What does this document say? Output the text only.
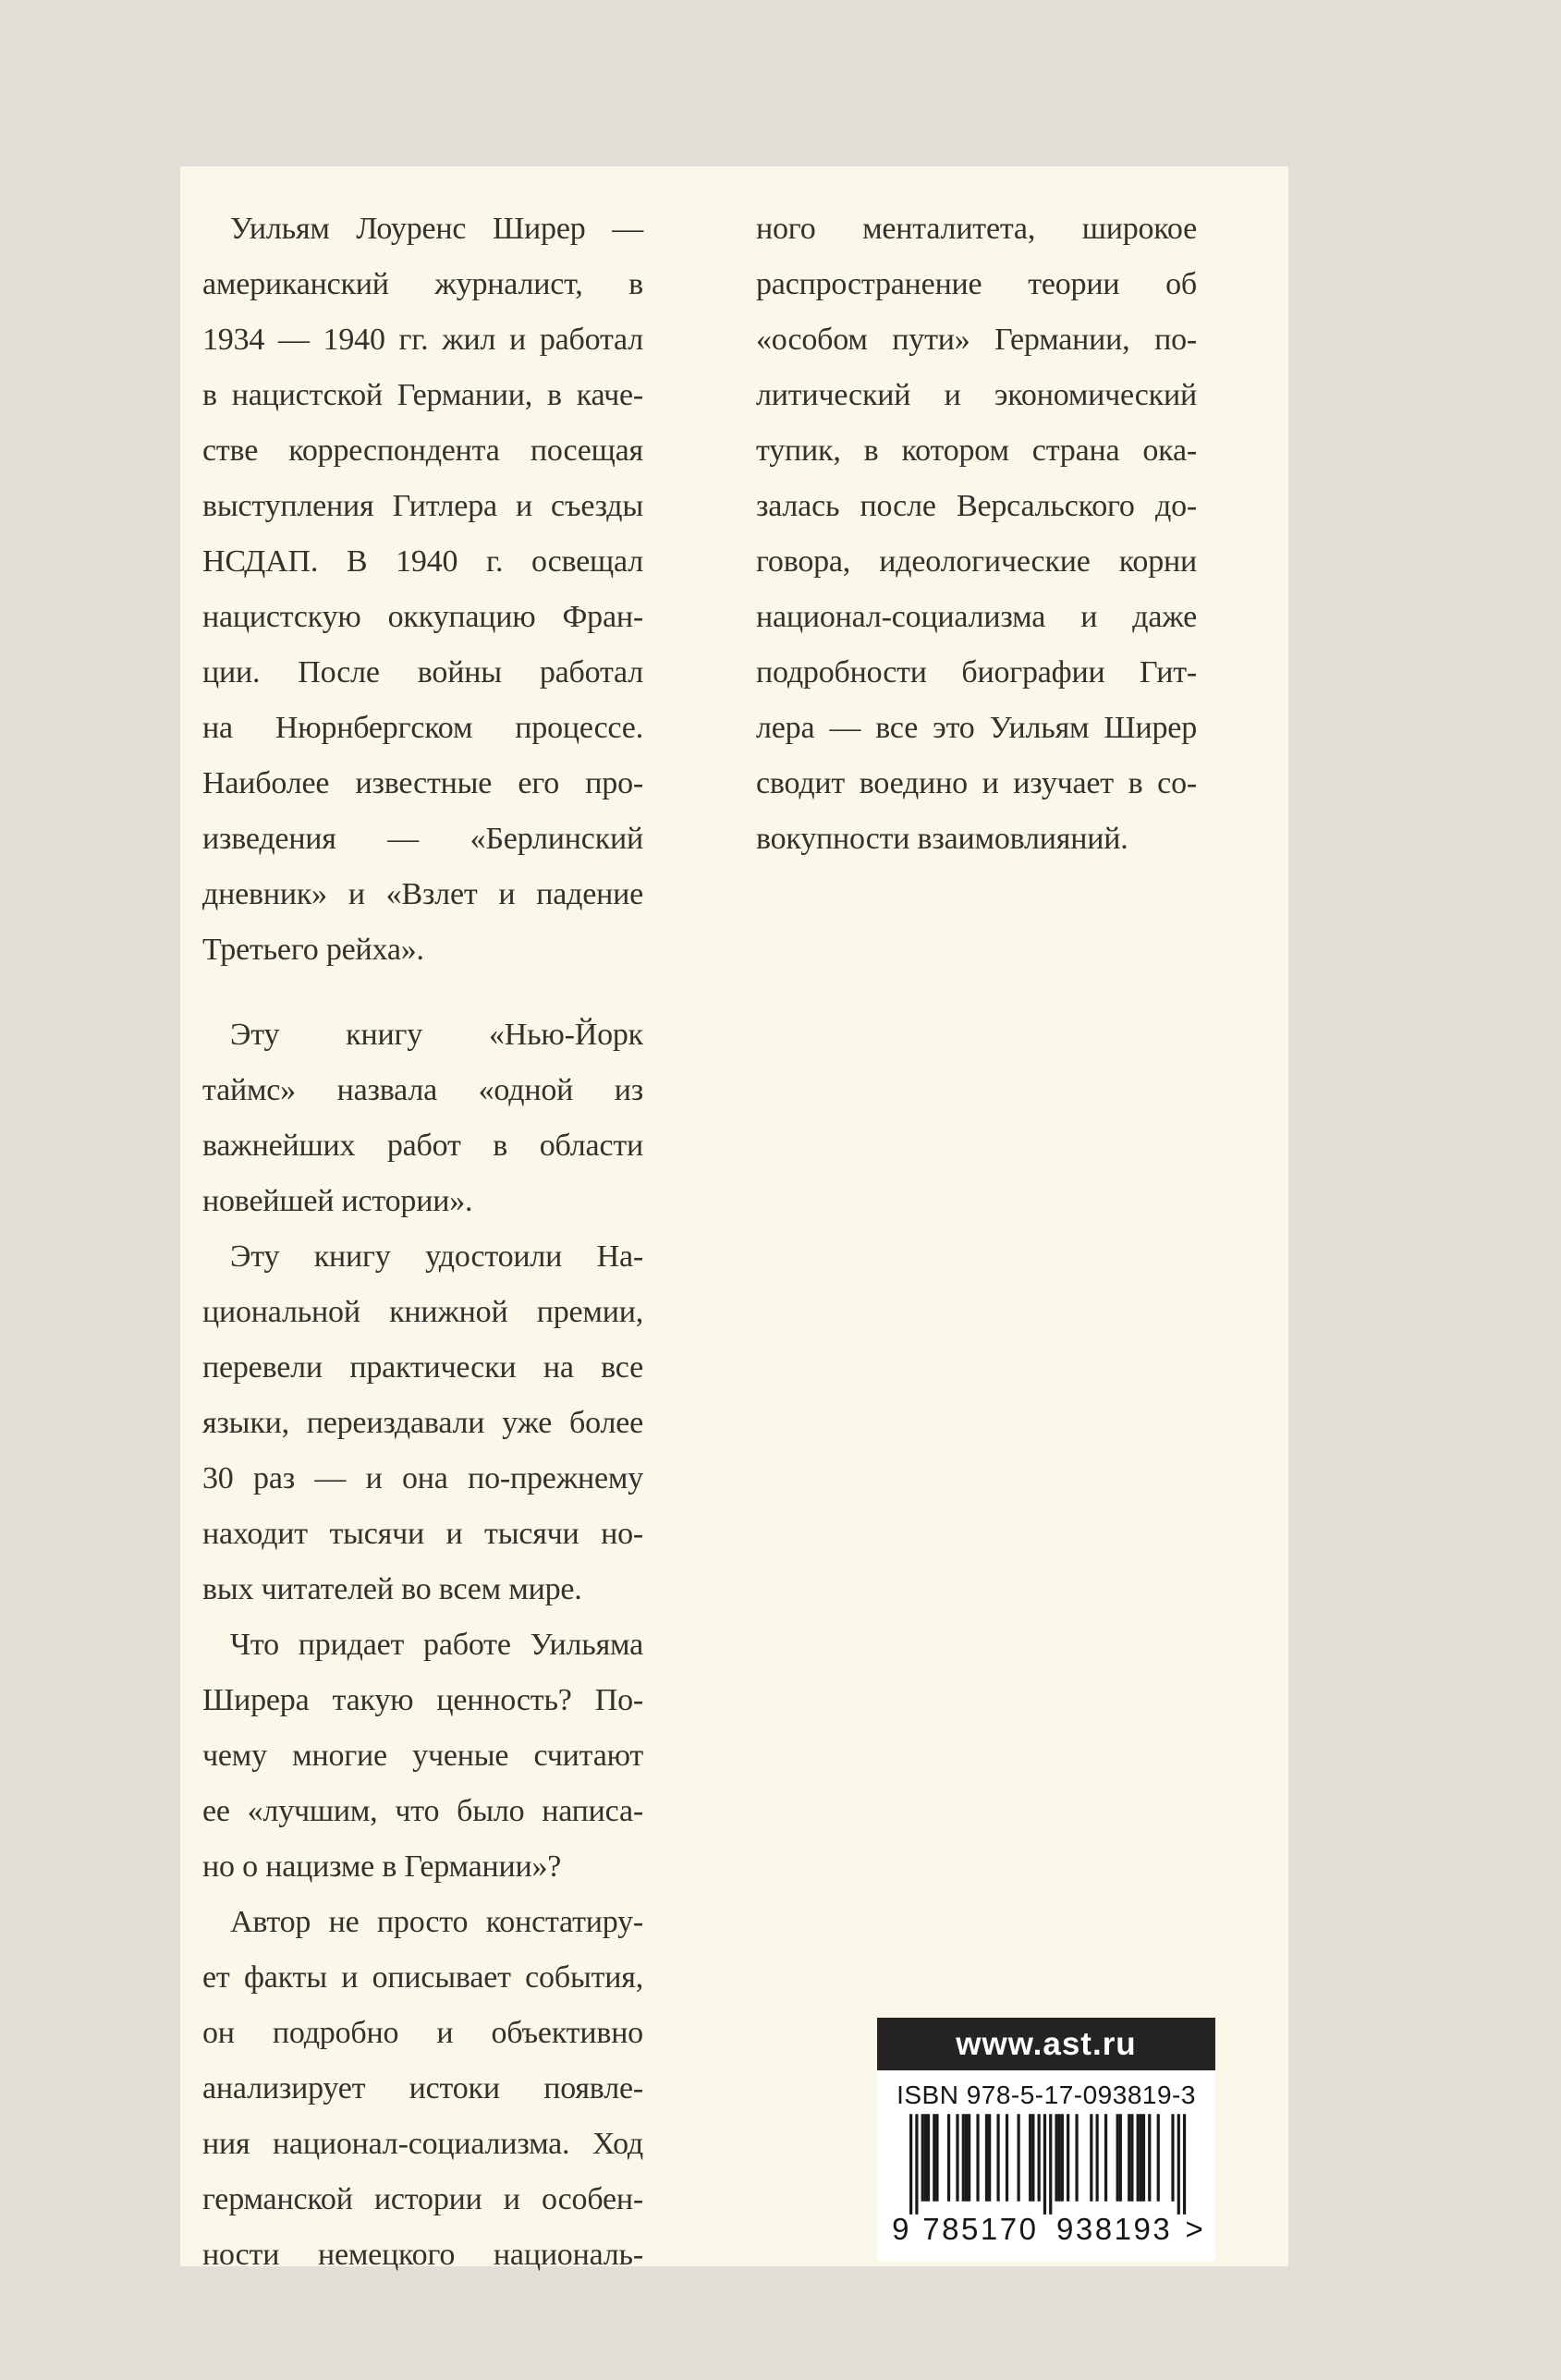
Уильям Лоуренс Ширер —
американский журналист, в
1934 — 1940 гг. жил и работал
в нацистской Германии, в каче-
стве корреспондента посещая
выступления Гитлера и съезды
НСДАП. В 1940 г. освещал
нацистскую оккупацию Фран-
ции. После войны работал
на Нюрнбергском процессе.
Наиболее известные его про-
изведения — «Берлинский
дневник» и «Взлет и падение
Третьего рейха».
Эту книгу «Нью-Йорк
таймс» назвала «одной из
важнейших работ в области
новейшей истории».
Эту книгу удостоили На-
циональной книжной премии,
перевели практически на все
языки, переиздавали уже более
30 раз — и она по-прежнему
находит тысячи и тысячи но-
вых читателей во всем мире.
Что придает работе Уильяма
Ширера такую ценность? По-
чему многие ученые считают
ее «лучшим, что было написа-
но о нацизме в Германии»?
Автор не просто констатиру-
ет факты и описывает события,
он подробно и объективно
анализирует истоки появле-
ния национал-социализма. Ход
германской истории и особен-
ности немецкого националь-
ного менталитета, широкое
распространение теории об
«особом пути» Германии, по-
литический и экономический
тупик, в котором страна ока-
залась после Версальского до-
говора, идеологические корни
национал-социализма и даже
подробности биографии Гит-
лера — все это Уильям Ширер
сводит воедино и изучает в со-
вокупности взаимовлияний.
www.ast.ru
ISBN 978-5-17-093819-3
9 785170 938193 >
